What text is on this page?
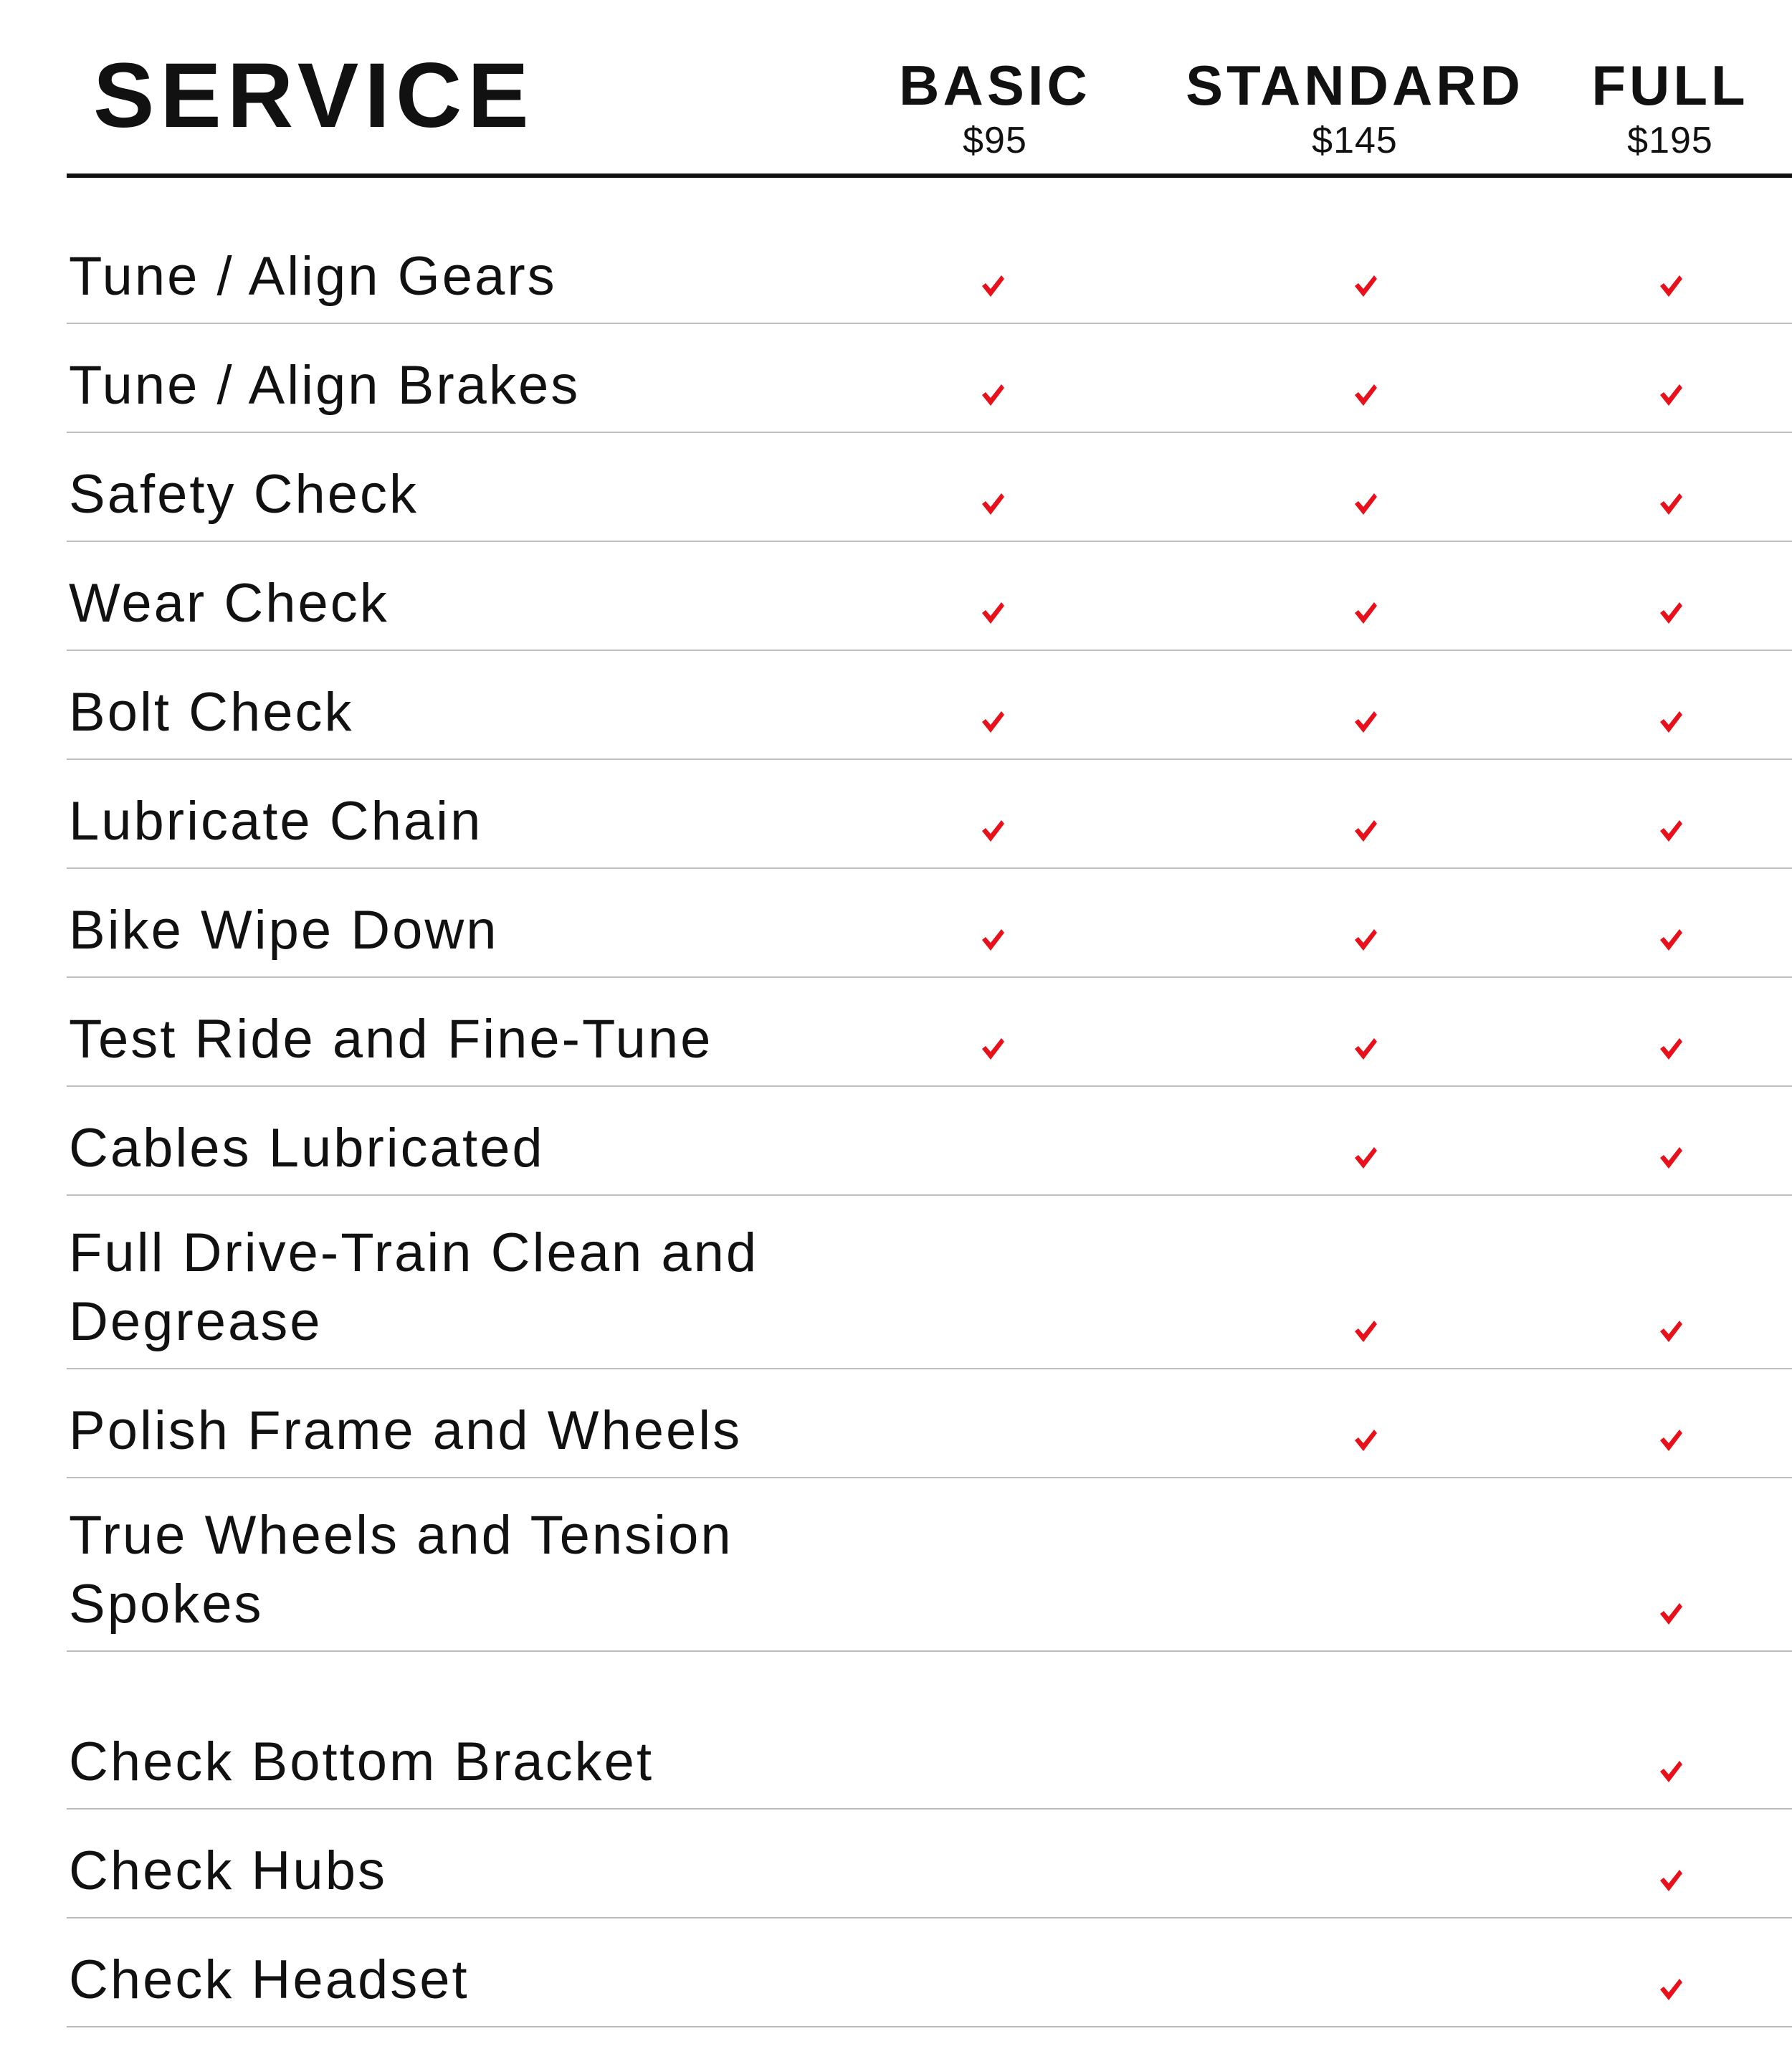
SERVICE	BASIC
$95
STANDARD
$145
FULL
$195
Tune / Align Gears
Tune / Align Brakes
Safety Check
Wear Check
Bolt Check
Lubricate Chain
Bike Wipe Down
Test Ride and Fine-Tune
Cables Lubricated
Full Drive-Train Clean and Degrease
Polish Frame and Wheels
True Wheels and Tension Spokes
Check Bottom Bracket
Check Hubs
Check Headset
